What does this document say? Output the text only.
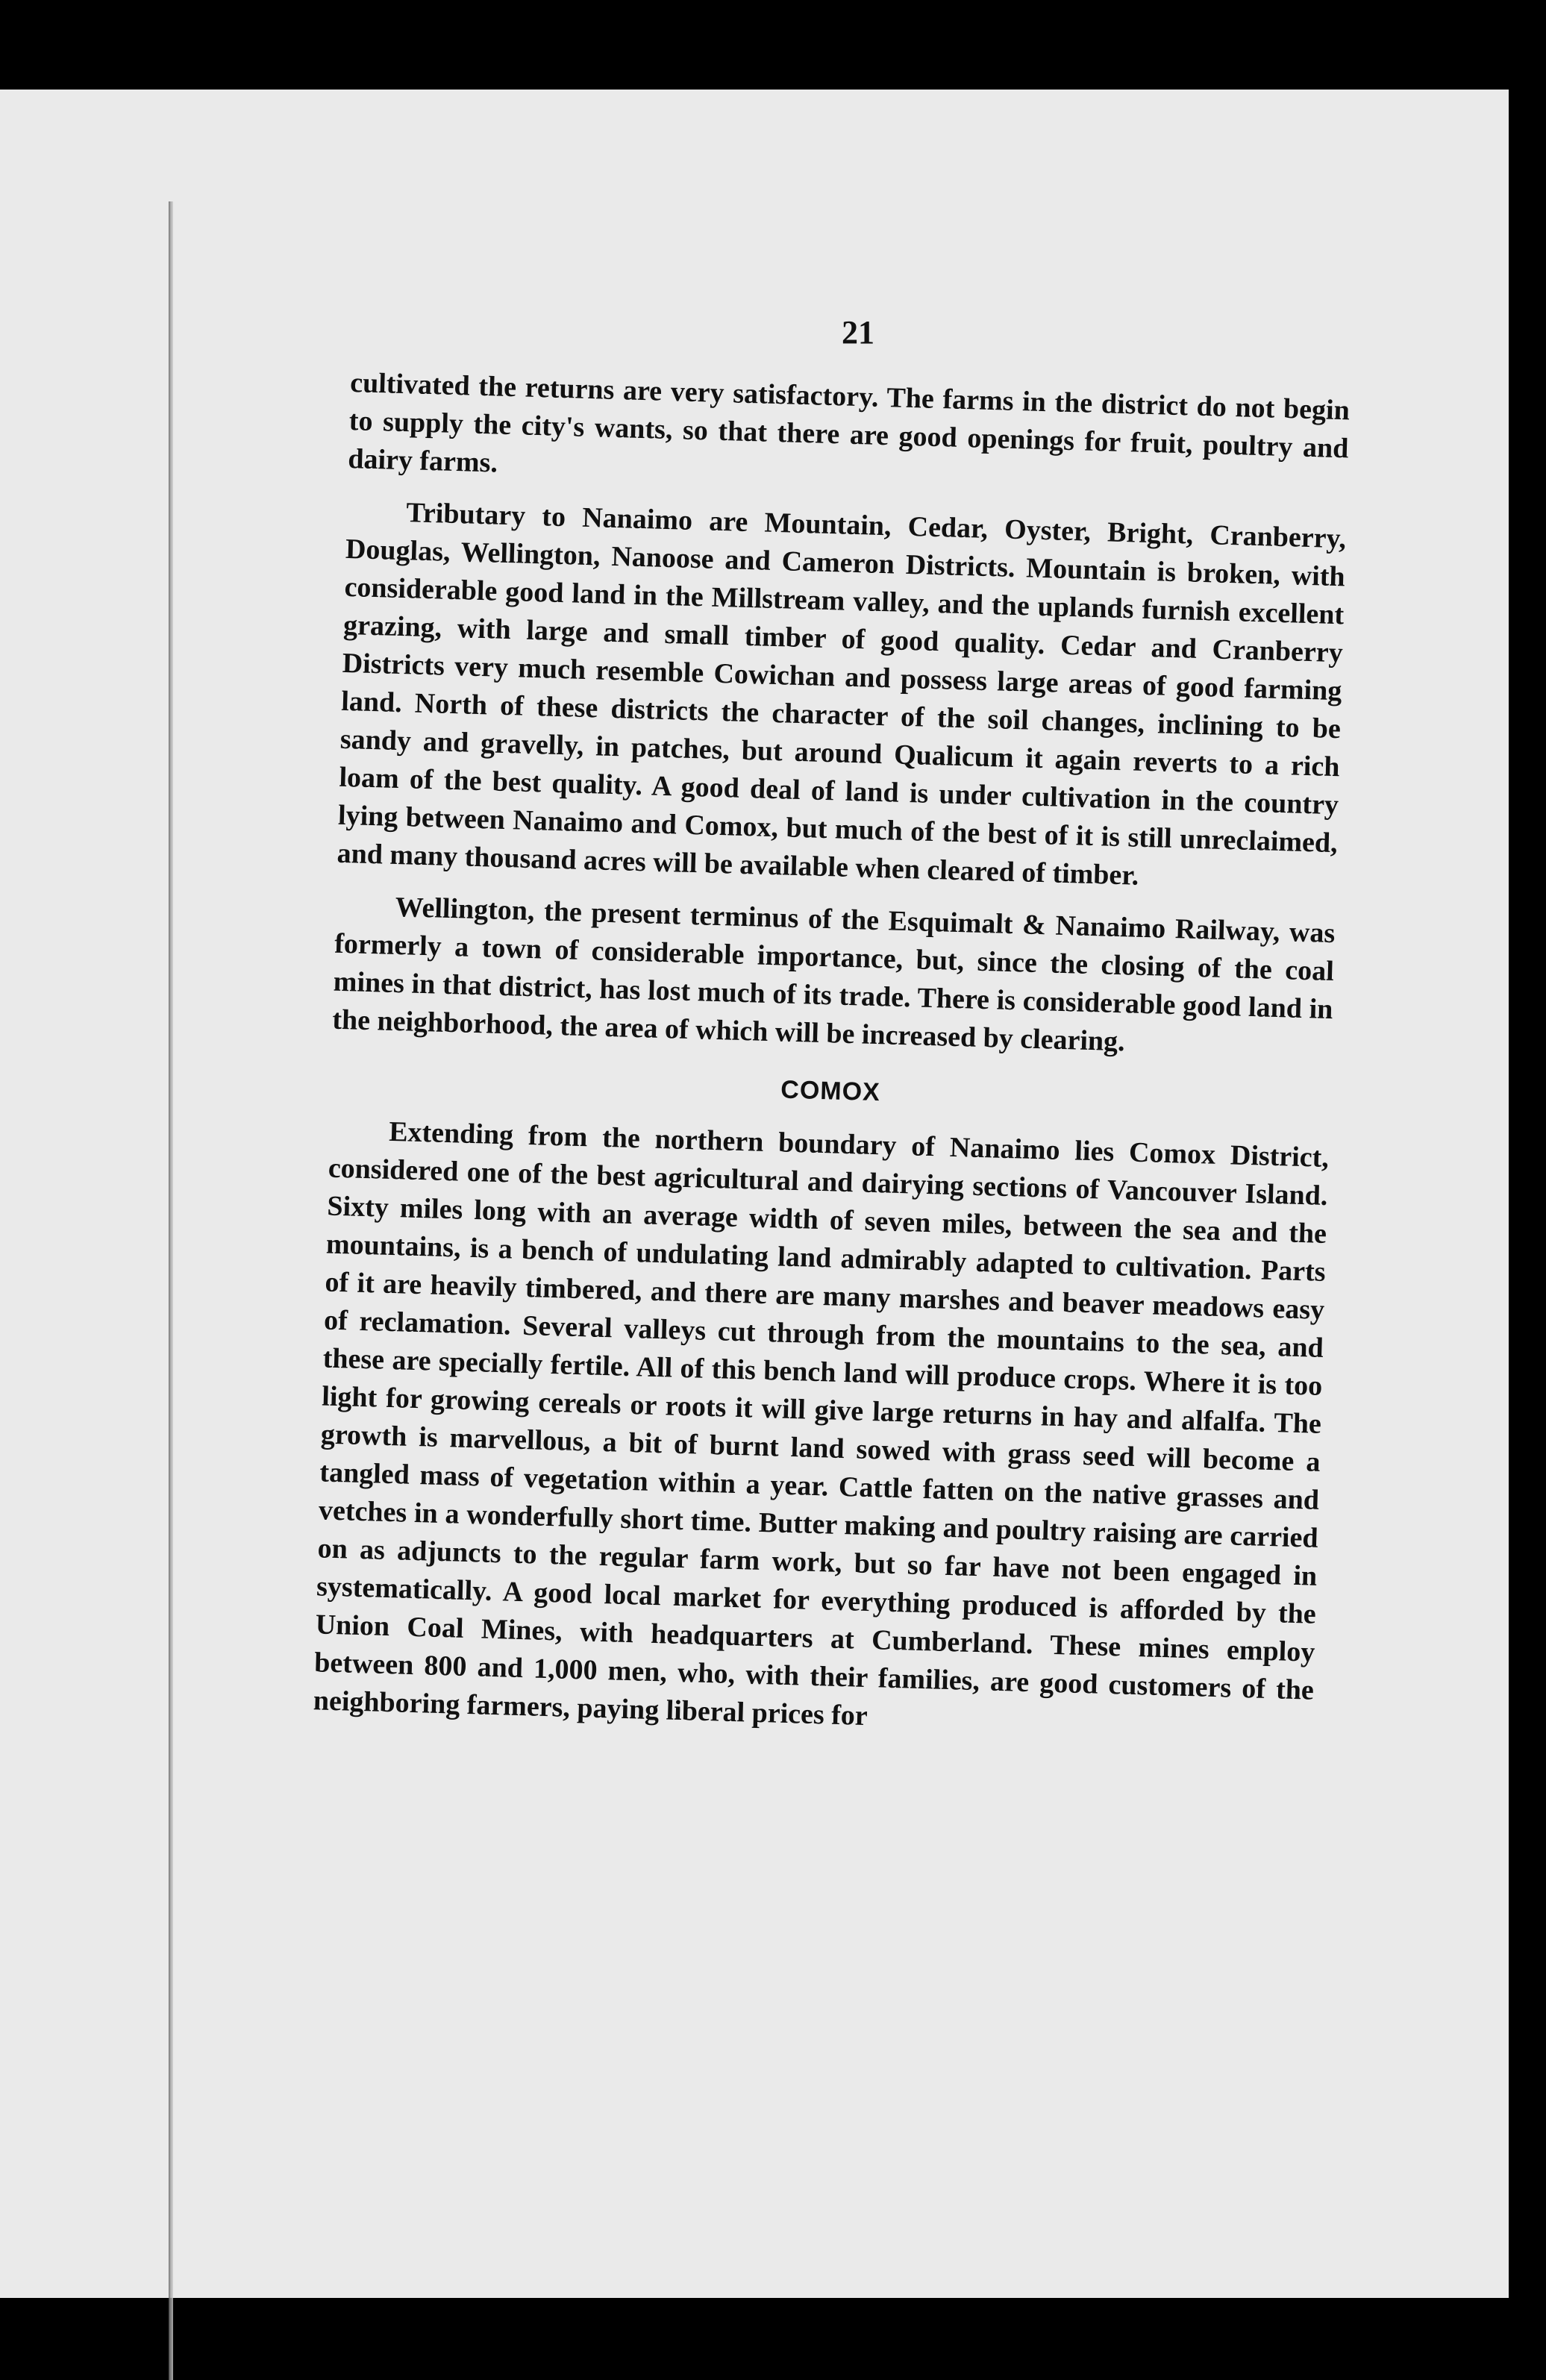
21

cultivated the returns are very satisfactory. The farms in the district do not begin to supply the city's wants, so that there are good openings for fruit, poultry and dairy farms.

Tributary to Nanaimo are Mountain, Cedar, Oyster, Bright, Cranberry, Douglas, Wellington, Nanoose and Cameron Districts. Mountain is broken, with considerable good land in the Millstream valley, and the uplands furnish excellent grazing, with large and small timber of good quality. Cedar and Cranberry Districts very much resemble Cowichan and possess large areas of good farming land. North of these districts the character of the soil changes, inclining to be sandy and gravelly, in patches, but around Qualicum it again reverts to a rich loam of the best quality. A good deal of land is under cultivation in the country lying between Nanaimo and Comox, but much of the best of it is still unreclaimed, and many thousand acres will be available when cleared of timber.

Wellington, the present terminus of the Esquimalt & Nanaimo Railway, was formerly a town of considerable importance, but, since the closing of the coal mines in that district, has lost much of its trade. There is considerable good land in the neighborhood, the area of which will be increased by clearing.

COMOX

Extending from the northern boundary of Nanaimo lies Comox District, considered one of the best agricultural and dairying sections of Vancouver Island. Sixty miles long with an average width of seven miles, between the sea and the mountains, is a bench of undulating land admirably adapted to cultivation. Parts of it are heavily timbered, and there are many marshes and beaver meadows easy of reclamation. Several valleys cut through from the mountains to the sea, and these are specially fertile. All of this bench land will produce crops. Where it is too light for growing cereals or roots it will give large returns in hay and alfalfa. The growth is marvellous, a bit of burnt land sowed with grass seed will become a tangled mass of vegetation within a year. Cattle fatten on the native grasses and vetches in a wonderfully short time. Butter making and poultry raising are carried on as adjuncts to the regular farm work, but so far have not been engaged in systematically. A good local market for everything produced is afforded by the Union Coal Mines, with headquarters at Cumberland. These mines employ between 800 and 1,000 men, who, with their families, are good customers of the neighboring farmers, paying liberal prices for
